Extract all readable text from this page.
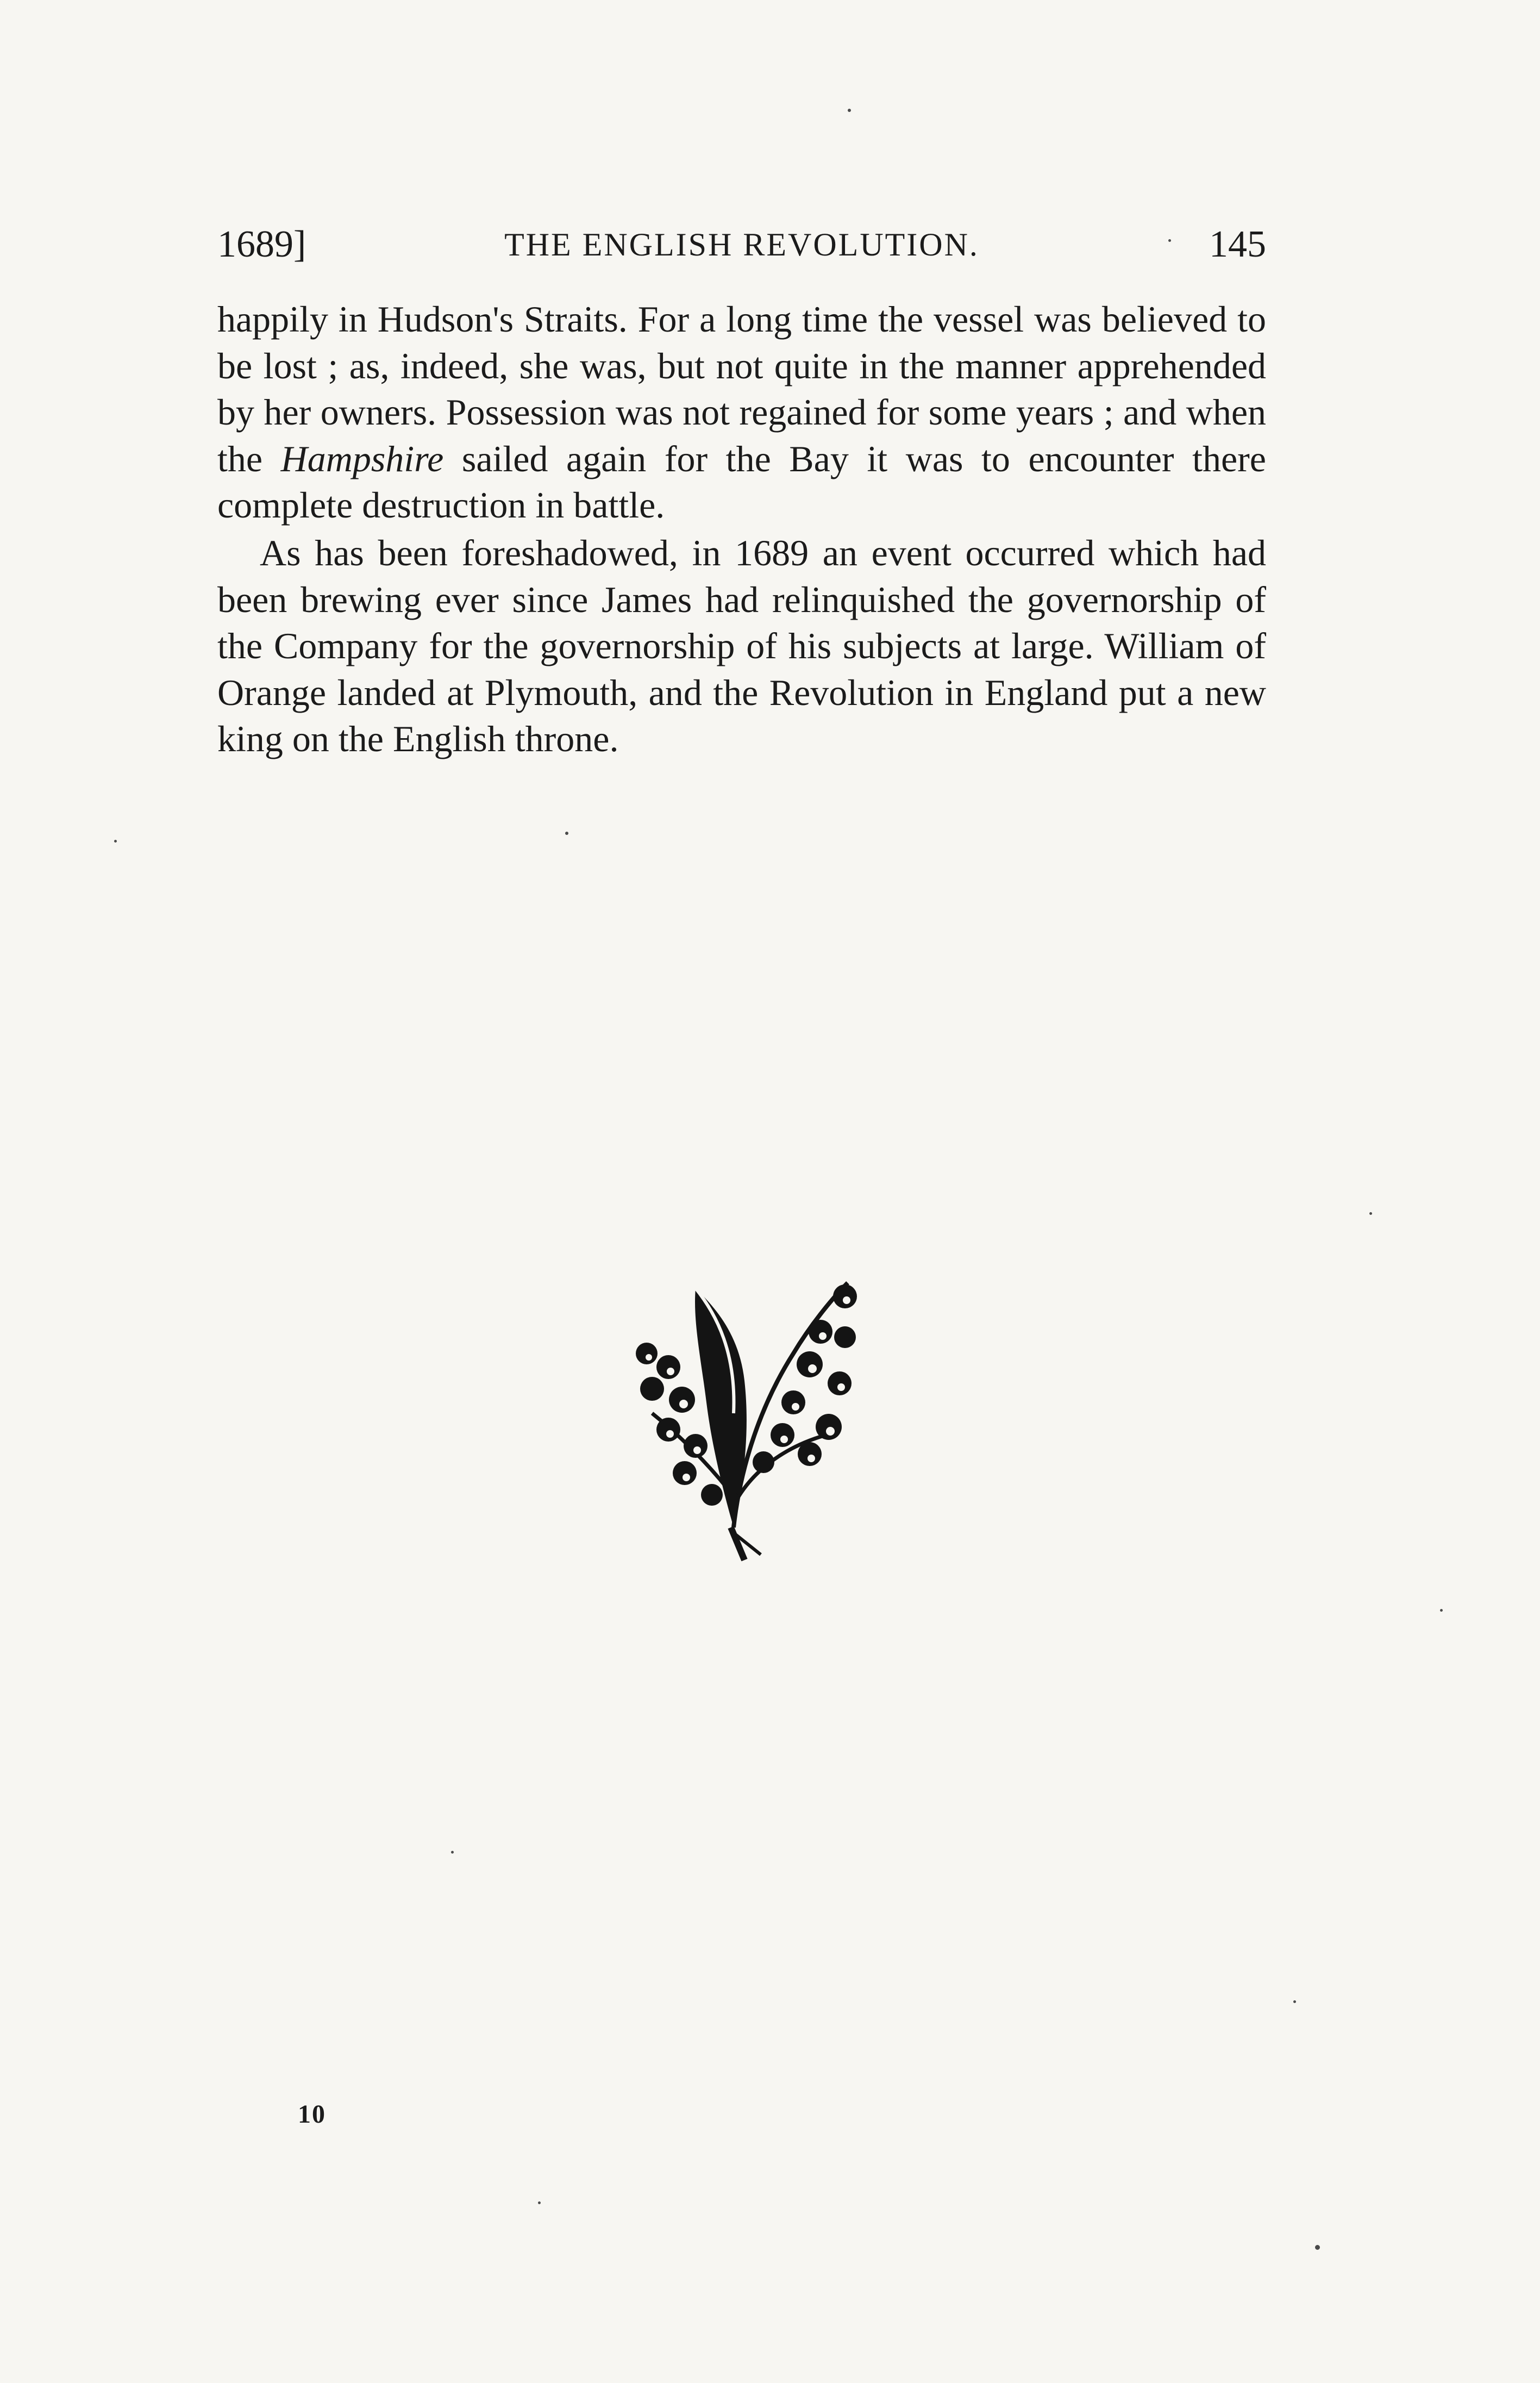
1689]	THE ENGLISH REVOLUTION.	145

happily in Hudson's Straits. For a long time the vessel was believed to be lost ; as, indeed, she was, but not quite in the manner apprehended by her owners. Possession was not regained for some years ; and when the Hampshire sailed again for the Bay it was to encounter there complete destruction in battle.

As has been foreshadowed, in 1689 an event occurred which had been brewing ever since James had relinquished the governorship of the Company for the governorship of his subjects at large. William of Orange landed at Plymouth, and the Revolution in England put a new king on the English throne.

10
